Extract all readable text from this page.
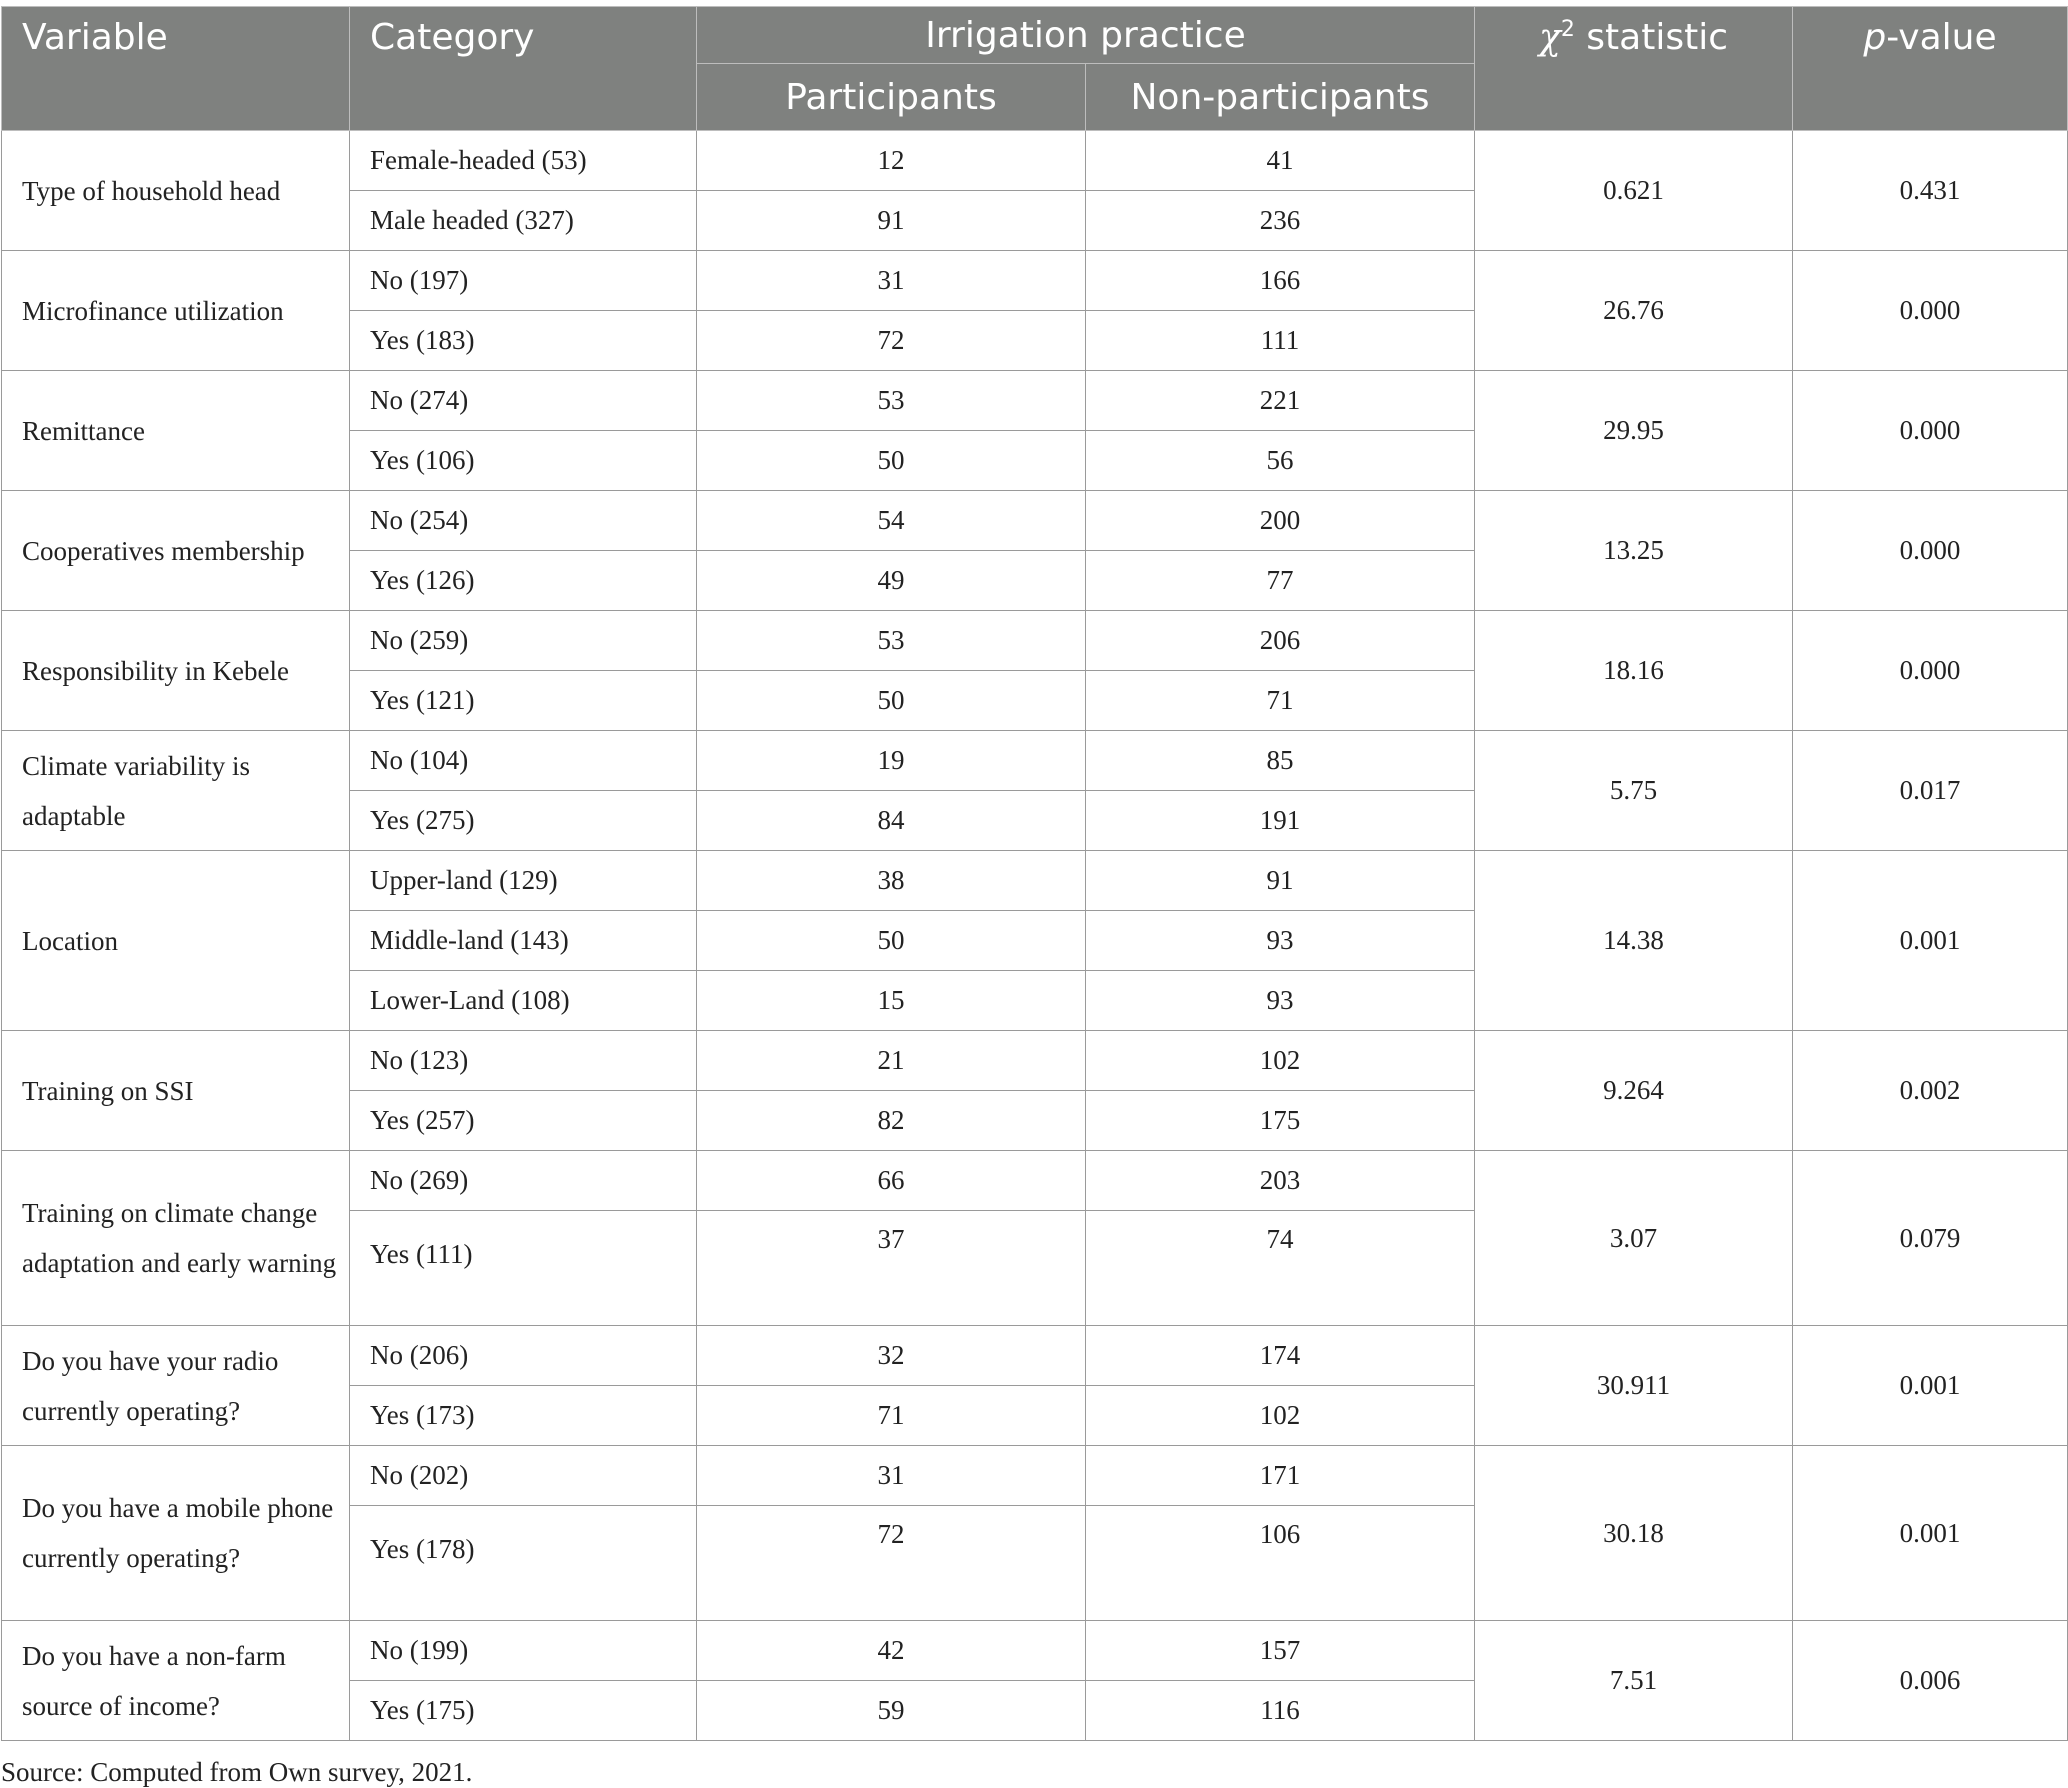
Variable	Category	Irrigation practice		$\chi^2$ statistic	p-value
		Participants	Non-participants		
Type of household head	Female-headed (53)	12	41	0.621	0.431
	Male headed (327)	91	236		
Microfinance utilization	No (197)	31	166	26.76	0.000
	Yes (183)	72	111		
Remittance	No (274)	53	221	29.95	0.000
	Yes (106)	50	56		
Cooperatives membership	No (254)	54	200	13.25	0.000
	Yes (126)	49	77		
Responsibility in Kebele	No (259)	53	206	18.16	0.000
	Yes (121)	50	71		
Climate variability is adaptable	No (104)	19	85	5.75	0.017
	Yes (275)	84	191		
Location	Upper-land (129)	38	91	14.38	0.001
	Middle-land (143)	50	93		
	Lower-Land (108)	15	93		
Training on SSI	No (123)	21	102	9.264	0.002
	Yes (257)	82	175		
Training on climate change adaptation and early warning	No (269)	66	203	3.07	0.079
	Yes (111)	37	74		
Do you have your radio currently operating?	No (206)	32	174	30.911	0.001
	Yes (173)	71	102		
Do you have a mobile phone currently operating?	No (202)	31	171	30.18	0.001
	Yes (178)	72	106		
Do you have a non-farm source of income?	No (199)	42	157	7.51	0.006
	Yes (175)	59	116		
Source: Computed from Own survey, 2021.
